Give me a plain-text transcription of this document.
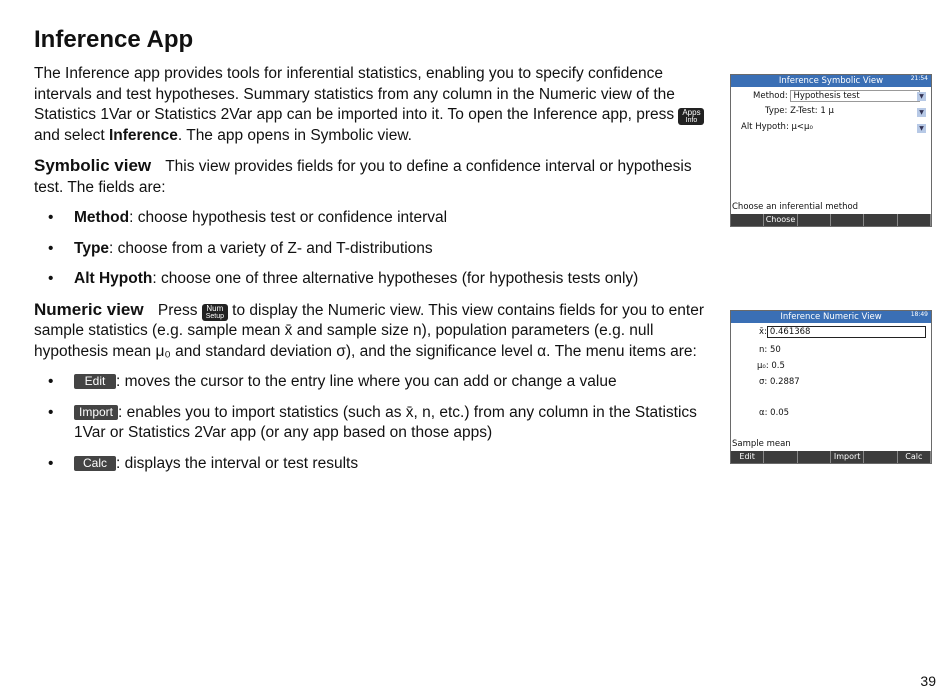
Inference App

The Inference app provides tools for inferential statistics, enabling you to specify confidence intervals and test hypotheses. Summary statistics from any column in the Numeric view of the Statistics 1Var or Statistics 2Var app can be imported into it. To open the Inference app, press Apps
Info
and select Inference. The app opens in Symbolic view.

Symbolic view This view provides fields for you to define a confidence interval or hypothesis test. The fields are:

• Method: choose hypothesis test or confidence interval
• Type: choose from a variety of Z- and T-distributions
• Alt Hypoth: choose one of three alternative hypotheses (for hypothesis tests only)

Numeric view Press Num
Setup to display the Numeric view. This view contains fields for you to enter sample statistics (e.g. sample mean x̄ and sample size n), population parameters (e.g. null hypothesis mean μ₀ and standard deviation σ), and the significance level α. The menu items are:

• Edit : moves the cursor to the entry line where you can add or change a value
• Import : enables you to import statistics (such as x̄, n, etc.) from any column in the Statistics 1Var or Statistics 2Var app (or any app based on those apps)
• Calc : displays the interval or test results
Inference Symbolic View	21:54
Method: Hypothesis test	▼
Type: Z-Test: 1 μ	▼
Alt Hypoth: μ<μ₀	▼
Choose an inferential method
Choose
Inference Numeric View	18:49
x̄: 0.461368
n: 50
μ₀: 0.5
σ: 0.2887
α: 0.05
Sample mean
Edit	Import	Calc
39
